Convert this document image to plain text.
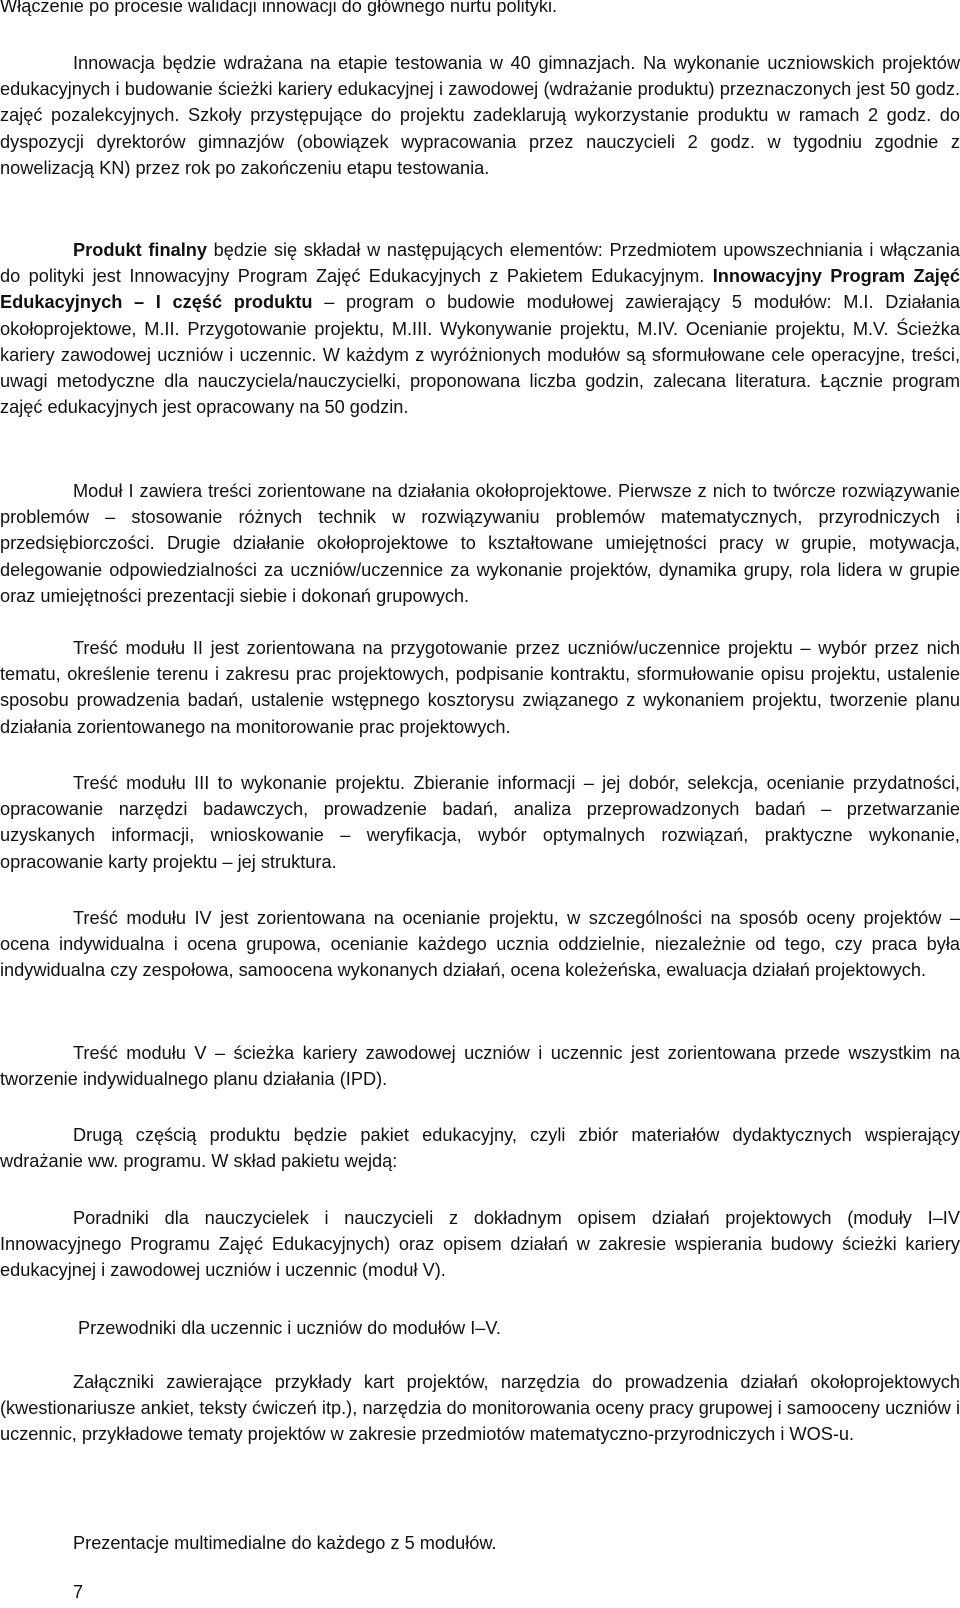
Włączenie po procesie walidacji innowacji do głównego nurtu polityki.

Innowacja będzie wdrażana na etapie testowania w 40 gimnazjach. Na wykonanie uczniowskich projektów edukacyjnych i budowanie ścieżki kariery edukacyjnej i zawodowej (wdrażanie produktu) przeznaczonych jest 50 godz. zajęć pozalekcyjnych. Szkoły przystępujące do projektu zadeklarują wykorzystanie produktu w ramach 2 godz. do dyspozycji dyrektorów gimnazjów (obowiązek wypracowania przez nauczycieli 2 godz. w tygodniu zgodnie z nowelizacją KN) przez rok po zakończeniu etapu testowania.

Produkt finalny będzie się składał w następujących elementów: Przedmiotem upowszechniania i włączania do polityki jest Innowacyjny Program Zajęć Edukacyjnych z Pakietem Edukacyjnym. Innowacyjny Program Zajęć Edukacyjnych – I część produktu – program o budowie modułowej zawierający 5 modułów: M.I. Działania okołoprojektowe, M.II. Przygotowanie projektu, M.III. Wykonywanie projektu, M.IV. Ocenianie projektu, M.V. Ścieżka kariery zawodowej uczniów i uczennic. W każdym z wyróżnionych modułów są sformułowane cele operacyjne, treści, uwagi metodyczne dla nauczyciela/nauczycielki, proponowana liczba godzin, zalecana literatura. Łącznie program zajęć edukacyjnych jest opracowany na 50 godzin.

Moduł I zawiera treści zorientowane na działania okołoprojektowe. Pierwsze z nich to twórcze rozwiązywanie problemów – stosowanie różnych technik w rozwiązywaniu problemów matematycznych, przyrodniczych i przedsiębiorczości. Drugie działanie okołoprojektowe to kształtowane umiejętności pracy w grupie, motywacja, delegowanie odpowiedzialności za uczniów/uczennice za wykonanie projektów, dynamika grupy, rola lidera w grupie oraz umiejętności prezentacji siebie i dokonań grupowych.

Treść modułu II jest zorientowana na przygotowanie przez uczniów/uczennice projektu – wybór przez nich tematu, określenie terenu i zakresu prac projektowych, podpisanie kontraktu, sformułowanie opisu projektu, ustalenie sposobu prowadzenia badań, ustalenie wstępnego kosztorysu związanego z wykonaniem projektu, tworzenie planu działania zorientowanego na monitorowanie prac projektowych.

Treść modułu III to wykonanie projektu. Zbieranie informacji – jej dobór, selekcja, ocenianie przydatności, opracowanie narzędzi badawczych, prowadzenie badań, analiza przeprowadzonych badań – przetwarzanie uzyskanych informacji, wnioskowanie – weryfikacja, wybór optymalnych rozwiązań, praktyczne wykonanie, opracowanie karty projektu – jej struktura.

Treść modułu IV jest zorientowana na ocenianie projektu, w szczególności na sposób oceny projektów – ocena indywidualna i ocena grupowa, ocenianie każdego ucznia oddzielnie, niezależnie od tego, czy praca była indywidualna czy zespołowa, samoocena wykonanych działań, ocena koleżeńska, ewaluacja działań projektowych.

Treść modułu V – ścieżka kariery zawodowej uczniów i uczennic jest zorientowana przede wszystkim na tworzenie indywidualnego planu działania (IPD).

Drugą częścią produktu będzie pakiet edukacyjny, czyli zbiór materiałów dydaktycznych wspierający wdrażanie ww. programu. W skład pakietu wejdą:

Poradniki dla nauczycielek i nauczycieli z dokładnym opisem działań projektowych (moduły I–IV Innowacyjnego Programu Zajęć Edukacyjnych) oraz opisem działań w zakresie wspierania budowy ścieżki kariery edukacyjnej i zawodowej uczniów i uczennic (moduł V).

Przewodniki dla uczennic i uczniów do modułów I–V.

Załączniki zawierające przykłady kart projektów, narzędzia do prowadzenia działań okołoprojektowych (kwestionariusze ankiet, teksty ćwiczeń itp.), narzędzia do monitorowania oceny pracy grupowej i samooceny uczniów i uczennic, przykładowe tematy projektów w zakresie przedmiotów matematyczno-przyrodniczych i WOS-u.

Prezentacje multimedialne do każdego z 5 modułów.

7
